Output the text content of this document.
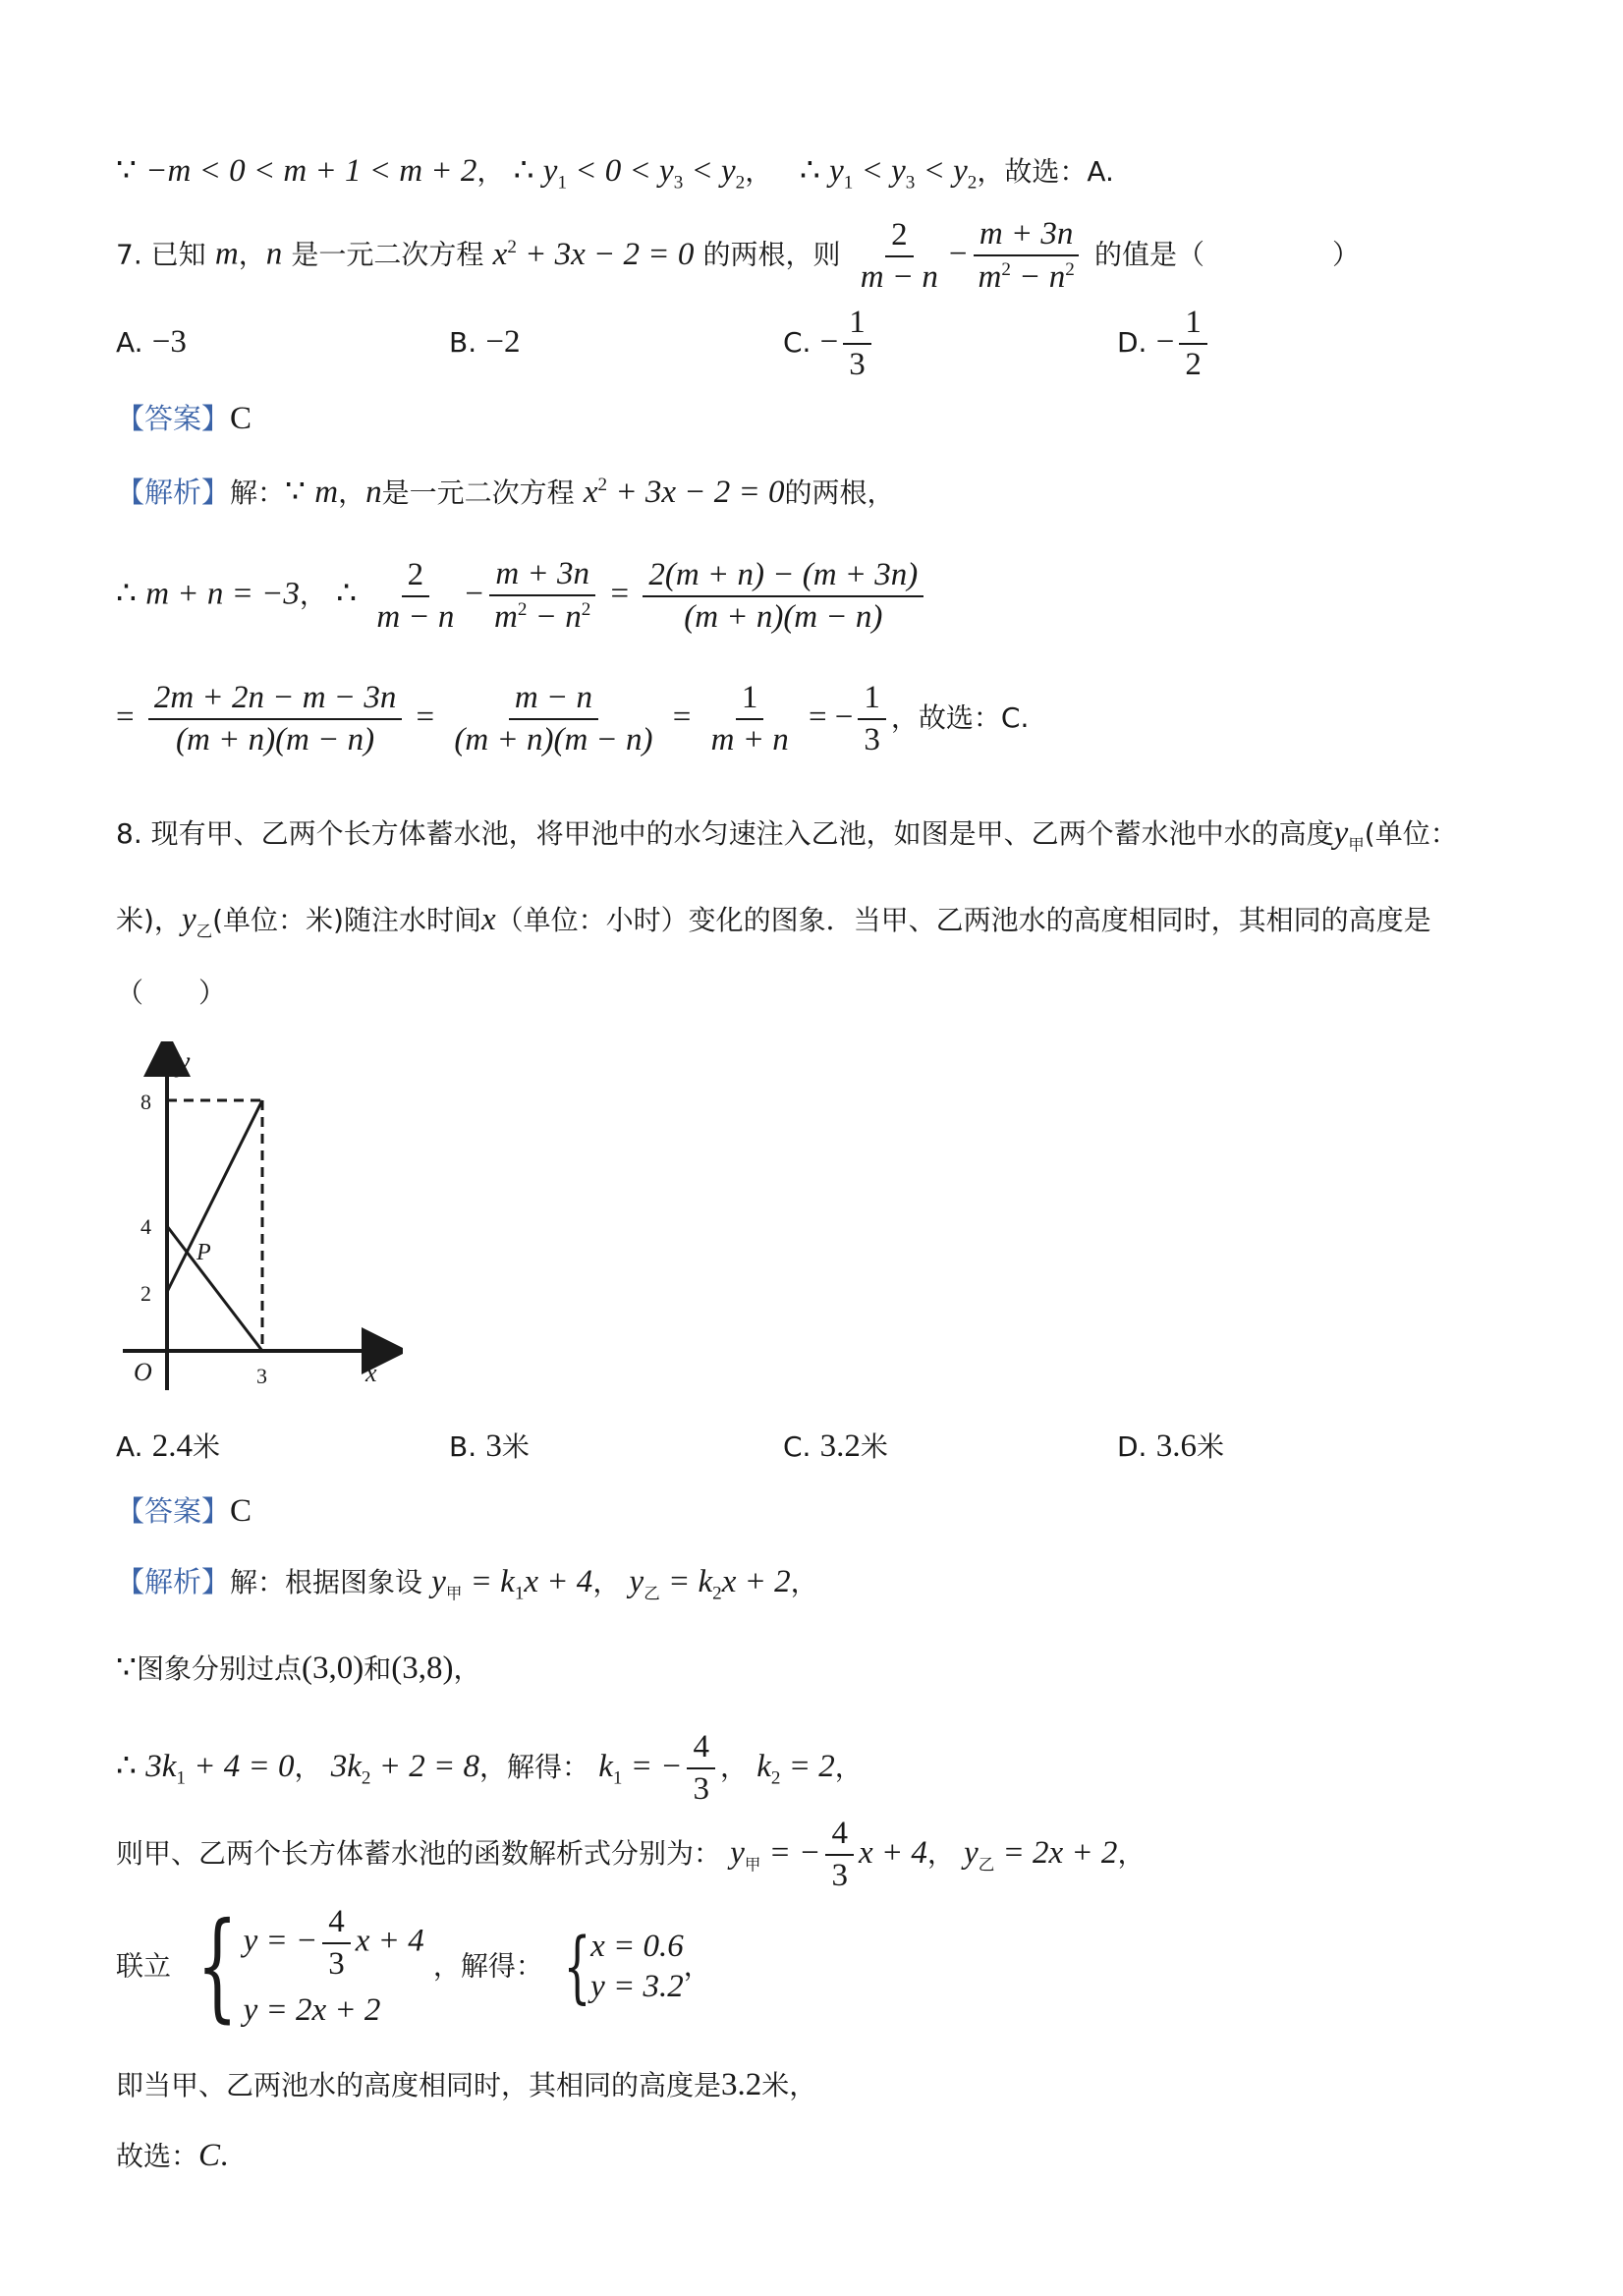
∵ −m < 0 < m + 1 < m + 2， ∴ $y_1 < 0 < y_3 < y_2$， ∴ $y_1 < y_3 < y_2$，故选：A.
7. 已知 m，n 是一元二次方程 $x^2 + 3x - 2 = 0$ 的两根，则 $\frac{2}{m - n} - \frac{m + 3n}{m^2 - n^2}$ 的值是（	）
A. −3	B. −2	C. − $\frac{1}{3}$	D. − $\frac{1}{2}$
【答案】C
【解析】解：∵ m，n是一元二次方程 $x^2 + 3x - 2 = 0$的两根，
∴ m + n = −3， ∴ $\frac{2}{m - n} - \frac{m + 3n}{m^2 - n^2} = \frac{2(m + n) - (m + 3n)}{(m + n)(m - n)}$
= $\frac{2m + 2n - m - 3n}{(m + n)(m - n)} = \frac{m - n}{(m + n)(m - n)} = \frac{1}{m + n}$ = − $\frac{1}{3}$ ，故选：C.
8. 现有甲、乙两个长方体蓄水池，将甲池中的水匀速注入乙池，如图是甲、乙两个蓄水池中水的高度$y_甲$(单位：
米)，$y_乙$(单位：米)随注水时间x（单位：小时）变化的图象．当甲、乙两池水的高度相同时，其相同的高度是
（　　）
y
8
4
2
P
O	3	x
A. 2.4米	B. 3米	C. 3.2米	D. 3.6米
【答案】C
【解析】解：根据图象设 $y_甲 = k_1x + 4$， $y_乙 = k_2x + 2$，
∵图象分别过点(3,0)和(3,8)，
∴ $3k_1 + 4 = 0$， $3k_2 + 2 = 8$，解得： $k_1$ = − $\frac{4}{3}$ ， $k_2 = 2$，
则甲、乙两个长方体蓄水池的函数解析式分别为： $y_甲$ = − $\frac{4}{3}$ x + 4， $y_乙 = 2x + 2$，
联立 { y = − $\frac{4}{3}$ x + 4
y = 2x + 2
，解得： { x = 0.6
y = 3.2
，
即当甲、乙两池水的高度相同时，其相同的高度是3.2米，
故选：C.
